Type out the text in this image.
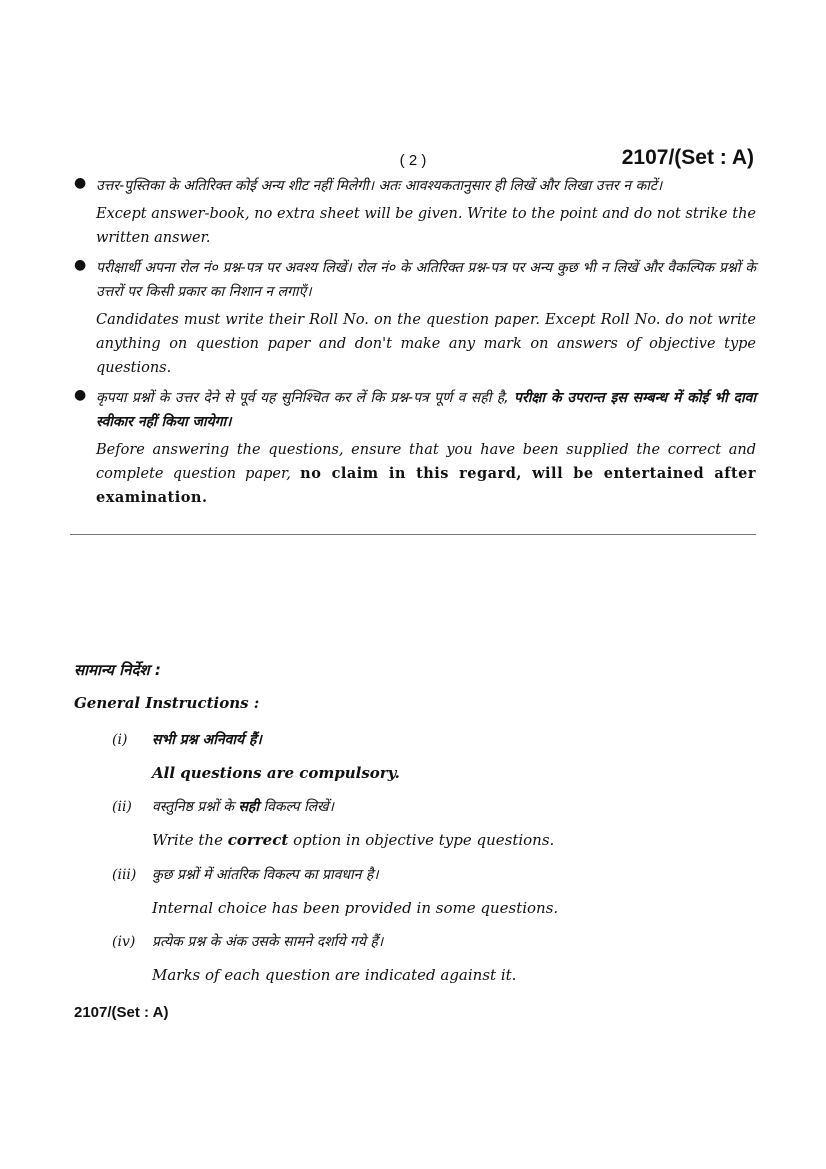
( 2 )	2107/(Set : A)
● उत्तर-पुस्तिका के अतिरिक्त कोई अन्य शीट नहीं मिलेगी। अतः आवश्यकतानुसार ही लिखें और लिखा उत्तर न काटें।

Except answer-book, no extra sheet will be given. Write to the point and do not strike the written answer.

● परीक्षार्थी अपना रोल नं० प्रश्न-पत्र पर अवश्य लिखें। रोल नं० के अतिरिक्त प्रश्न-पत्र पर अन्य कुछ भी न लिखें और वैकल्पिक प्रश्नों के उत्तरों पर किसी प्रकार का निशान न लगाएँ।

Candidates must write their Roll No. on the question paper. Except Roll No. do not write anything on question paper and don't make any mark on answers of objective type questions.

● कृपया प्रश्नों के उत्तर देने से पूर्व यह सुनिश्चित कर लें कि प्रश्न-पत्र पूर्ण व सही है, परीक्षा के उपरान्त इस सम्बन्ध में कोई भी दावा स्वीकार नहीं किया जायेगा।

Before answering the questions, ensure that you have been supplied the correct and complete question paper, no claim in this regard, will be entertained after examination.

सामान्य निर्देश :
General Instructions :
(i) सभी प्रश्न अनिवार्य हैं।
All questions are compulsory.
(ii) वस्तुनिष्ठ प्रश्नों के सही विकल्प लिखें।
Write the correct option in objective type questions.
(iii) कुछ प्रश्नों में आंतरिक विकल्प का प्रावधान है।
Internal choice has been provided in some questions.
(iv) प्रत्येक प्रश्न के अंक उसके सामने दर्शाये गये हैं।
Marks of each question are indicated against it.
2107/(Set : A)
